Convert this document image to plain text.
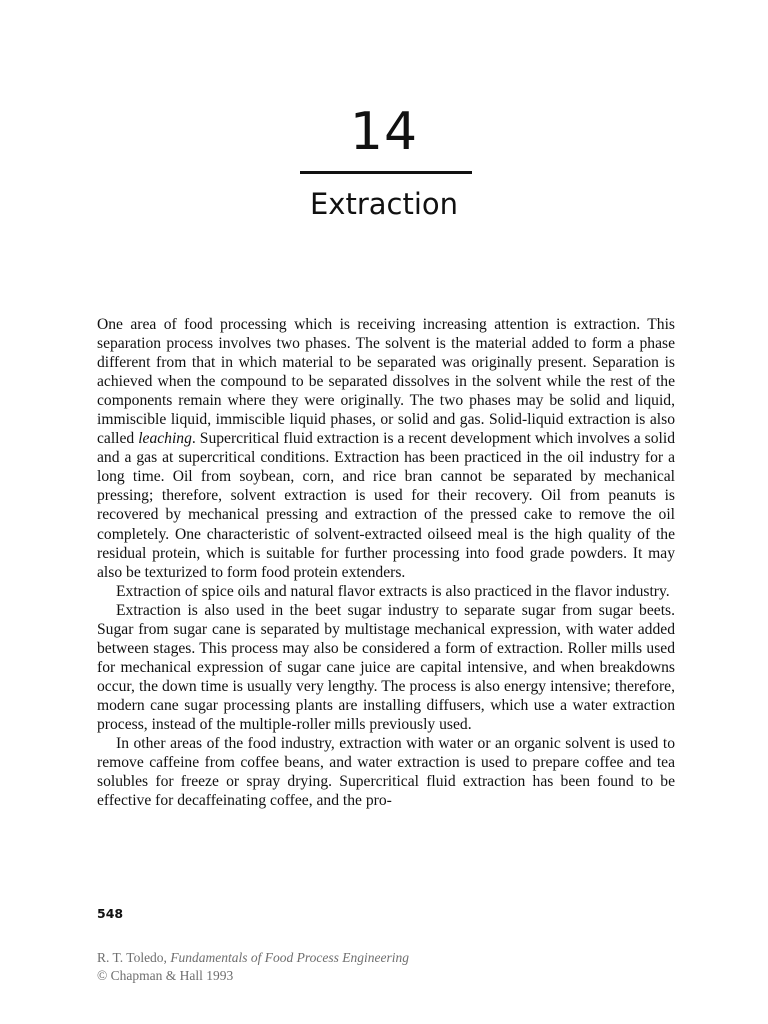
14
Extraction

One area of food processing which is receiving increasing attention is extraction. This separation process involves two phases. The solvent is the material added to form a phase different from that in which material to be separated was originally present. Separation is achieved when the compound to be separated dissolves in the solvent while the rest of the components remain where they were originally. The two phases may be solid and liquid, immiscible liquid, immiscible liquid phases, or solid and gas. Solid-liquid extraction is also called leaching. Supercritical fluid extraction is a recent development which involves a solid and a gas at supercritical conditions. Extraction has been practiced in the oil industry for a long time. Oil from soybean, corn, and rice bran cannot be separated by mechanical pressing; therefore, solvent extraction is used for their recovery. Oil from peanuts is recovered by mechanical pressing and extraction of the pressed cake to remove the oil completely. One characteristic of solvent-extracted oilseed meal is the high quality of the residual protein, which is suitable for further processing into food grade powders. It may also be texturized to form food protein extenders.

Extraction of spice oils and natural flavor extracts is also practiced in the flavor industry.

Extraction is also used in the beet sugar industry to separate sugar from sugar beets. Sugar from sugar cane is separated by multistage mechanical expression, with water added between stages. This process may also be considered a form of extraction. Roller mills used for mechanical expression of sugar cane juice are capital intensive, and when breakdowns occur, the down time is usually very lengthy. The process is also energy intensive; therefore, modern cane sugar processing plants are installing diffusers, which use a water extraction process, instead of the multiple-roller mills previously used.

In other areas of the food industry, extraction with water or an organic solvent is used to remove caffeine from coffee beans, and water extraction is used to prepare coffee and tea solubles for freeze or spray drying. Supercritical fluid extraction has been found to be effective for decaffeinating coffee, and the pro-

548
R. T. Toledo, Fundamentals of Food Process Engineering
© Chapman & Hall 1993
